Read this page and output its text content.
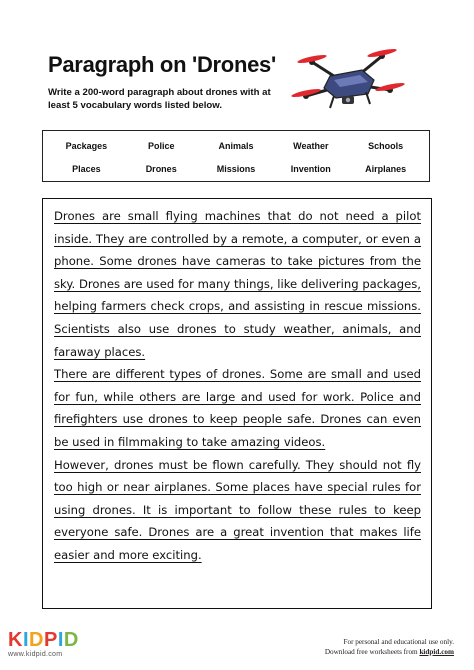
Paragraph on 'Drones'

Write a 200-word paragraph about drones with at least 5 vocabulary words listed below.

Packages	Police	Animals	Weather	Schools
Places	Drones	Missions	Invention	Airplanes
Drones are small flying machines that do not need a pilot inside. They are controlled by a remote, a computer, or even a phone. Some drones have cameras to take pictures from the sky. Drones are used for many things, like delivering packages, helping farmers check crops, and assisting in rescue missions. Scientists also use drones to study weather, animals, and faraway places.
There are different types of drones. Some are small and used for fun, while others are large and used for work. Police and firefighters use drones to keep people safe. Drones can even be used in filmmaking to take amazing videos.
However, drones must be flown carefully. They should not fly too high or near airplanes. Some places have special rules for using drones. It is important to follow these rules to keep everyone safe. Drones are a great invention that makes life easier and more exciting.
KIDPID
www.kidpid.com
For personal and educational use only.
Download free worksheets from kidpid.com
